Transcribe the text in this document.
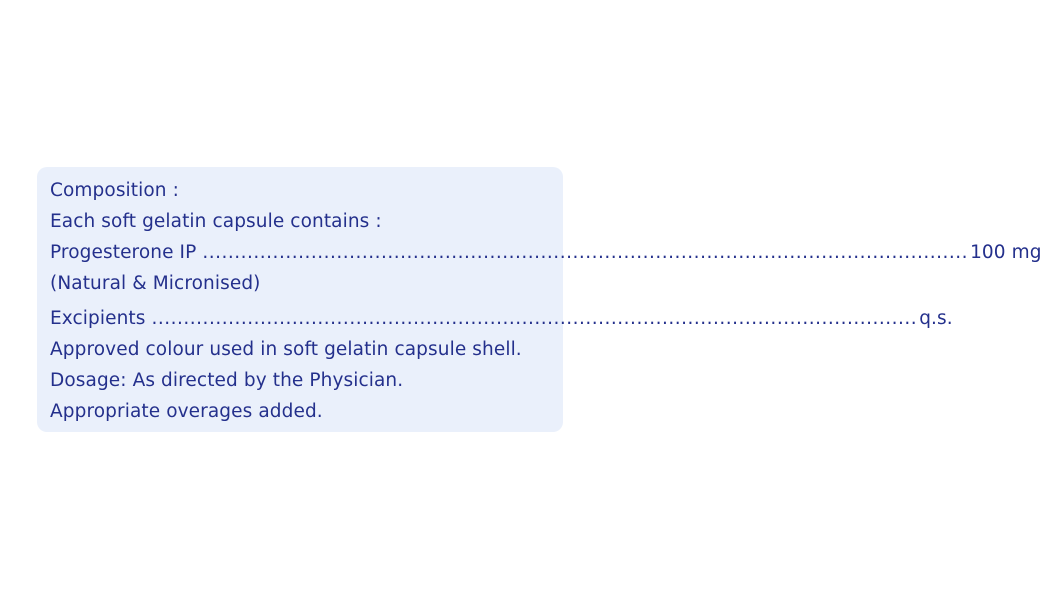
Composition :
Each soft gelatin capsule contains :
Progesterone IP ........................................................................................................................ 100 mg
(Natural & Micronised)
Excipients ........................................................................................................................ q.s.
Approved colour used in soft gelatin capsule shell.
Dosage: As directed by the Physician.
Appropriate overages added.
